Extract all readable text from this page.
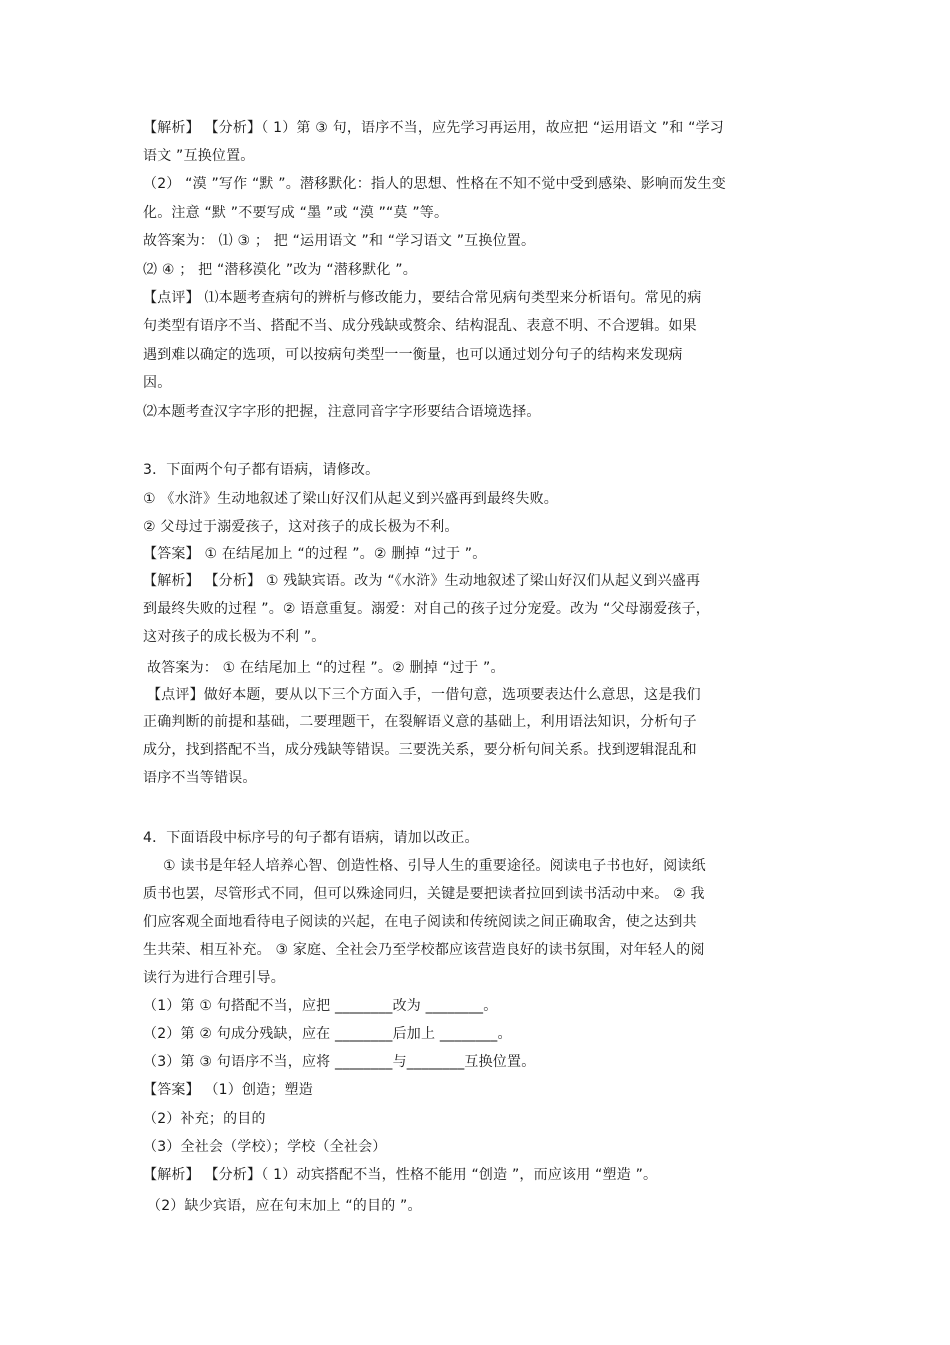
【解析】 【分析】（ 1）第 ③ 句，语序不当，应先学习再运用，故应把 “运用语文 ”和 “学习
语文 ”互换位置。
（2） “漠 ”写作 “默 ”。潜移默化：指人的思想、性格在不知不觉中受到感染、影响而发生变
化。注意 “默 ”不要写成 “墨 ”或 “漠 ”“莫 ”等。
故答案为： ⑴ ③ ； 把 “运用语文 ”和 “学习语文 ”互换位置。
⑵ ④ ； 把 “潜移漠化 ”改为 “潜移默化 ”。
【点评】 ⑴本题考查病句的辨析与修改能力，要结合常见病句类型来分析语句。常见的病
句类型有语序不当、搭配不当、成分残缺或赘余、结构混乱、表意不明、不合逻辑。如果
遇到难以确定的选项，可以按病句类型一一衡量，也可以通过划分句子的结构来发现病
因。
⑵本题考查汉字字形的把握，注意同音字字形要结合语境选择。
3．下面两个句子都有语病，请修改。
① 《水浒》生动地叙述了梁山好汉们从起义到兴盛再到最终失败。
② 父母过于溺爱孩子，这对孩子的成长极为不利。
【答案】 ① 在结尾加上 “的过程 ”。② 删掉 “过于 ”。
【解析】 【分析】 ① 残缺宾语。改为 “《水浒》生动地叙述了梁山好汉们从起义到兴盛再
到最终失败的过程 ”。② 语意重复。溺爱：对自己的孩子过分宠爱。改为 “父母溺爱孩子，
这对孩子的成长极为不利 ”。
故答案为： ① 在结尾加上 “的过程 ”。② 删掉 “过于 ”。
【点评】做好本题，要从以下三个方面入手，一借句意，选项要表达什么意思，这是我们
正确判断的前提和基础，二要理题干，在裂解语义意的基础上，利用语法知识，分析句子
成分，找到搭配不当，成分残缺等错误。三要洗关系，要分析句间关系。找到逻辑混乱和
语序不当等错误。
4．下面语段中标序号的句子都有语病，请加以改正。
① 读书是年轻人培养心智、创造性格、引导人生的重要途径。阅读电子书也好，阅读纸
质书也罢，尽管形式不同，但可以殊途同归，关键是要把读者拉回到读书活动中来。 ② 我
们应客观全面地看待电子阅读的兴起，在电子阅读和传统阅读之间正确取舍，使之达到共
生共荣、相互补充。 ③ 家庭、全社会乃至学校都应该营造良好的读书氛围，对年轻人的阅
读行为进行合理引导。
（1）第 ① 句搭配不当，应把 ________改为 ________。
（2）第 ② 句成分残缺，应在 ________后加上 ________。
（3）第 ③ 句语序不当，应将 ________与________互换位置。
【答案】 （1）创造；塑造
（2）补充；的目的
（3）全社会（学校）；学校（全社会）
【解析】 【分析】（ 1）动宾搭配不当，性格不能用 “创造 ”，而应该用 “塑造 ”。
（2）缺少宾语，应在句末加上 “的目的 ”。
